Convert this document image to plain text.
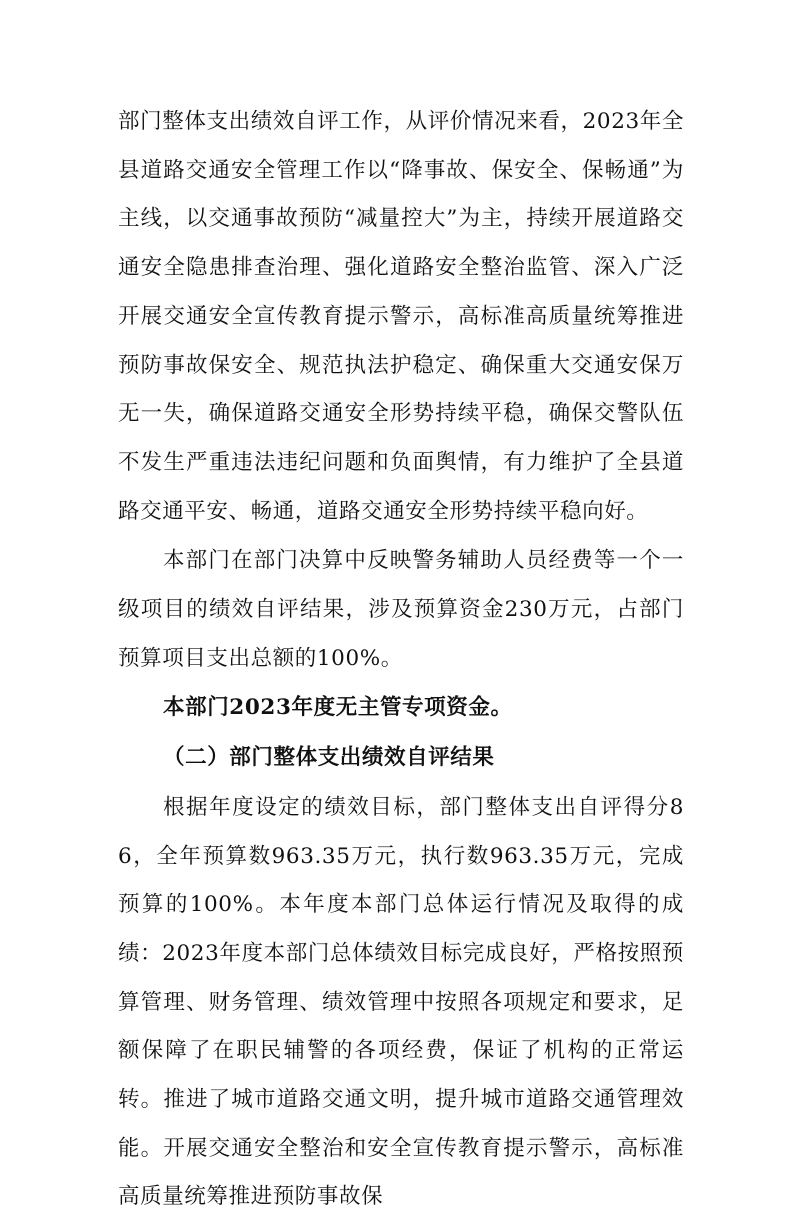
部门整体支出绩效自评工作，从评价情况来看，2023年全县道路交通安全管理工作以“降事故、保安全、保畅通”为主线，以交通事故预防“减量控大”为主，持续开展道路交通安全隐患排查治理、强化道路安全整治监管、深入广泛开展交通安全宣传教育提示警示，高标准高质量统筹推进预防事故保安全、规范执法护稳定、确保重大交通安保万无一失，确保道路交通安全形势持续平稳，确保交警队伍不发生严重违法违纪问题和负面舆情，有力维护了全县道路交通平安、畅通，道路交通安全形势持续平稳向好。

本部门在部门决算中反映警务辅助人员经费等一个一级项目的绩效自评结果，涉及预算资金230万元，占部门预算项目支出总额的100%。

本部门2023年度无主管专项资金。

（二）部门整体支出绩效自评结果

根据年度设定的绩效目标，部门整体支出自评得分86，全年预算数963.35万元，执行数963.35万元，完成预算的100%。本年度本部门总体运行情况及取得的成绩：2023年度本部门总体绩效目标完成良好，严格按照预算管理、财务管理、绩效管理中按照各项规定和要求，足额保障了在职民辅警的各项经费，保证了机构的正常运转。推进了城市道路交通文明，提升城市道路交通管理效能。开展交通安全整治和安全宣传教育提示警示，高标准高质量统筹推进预防事故保
